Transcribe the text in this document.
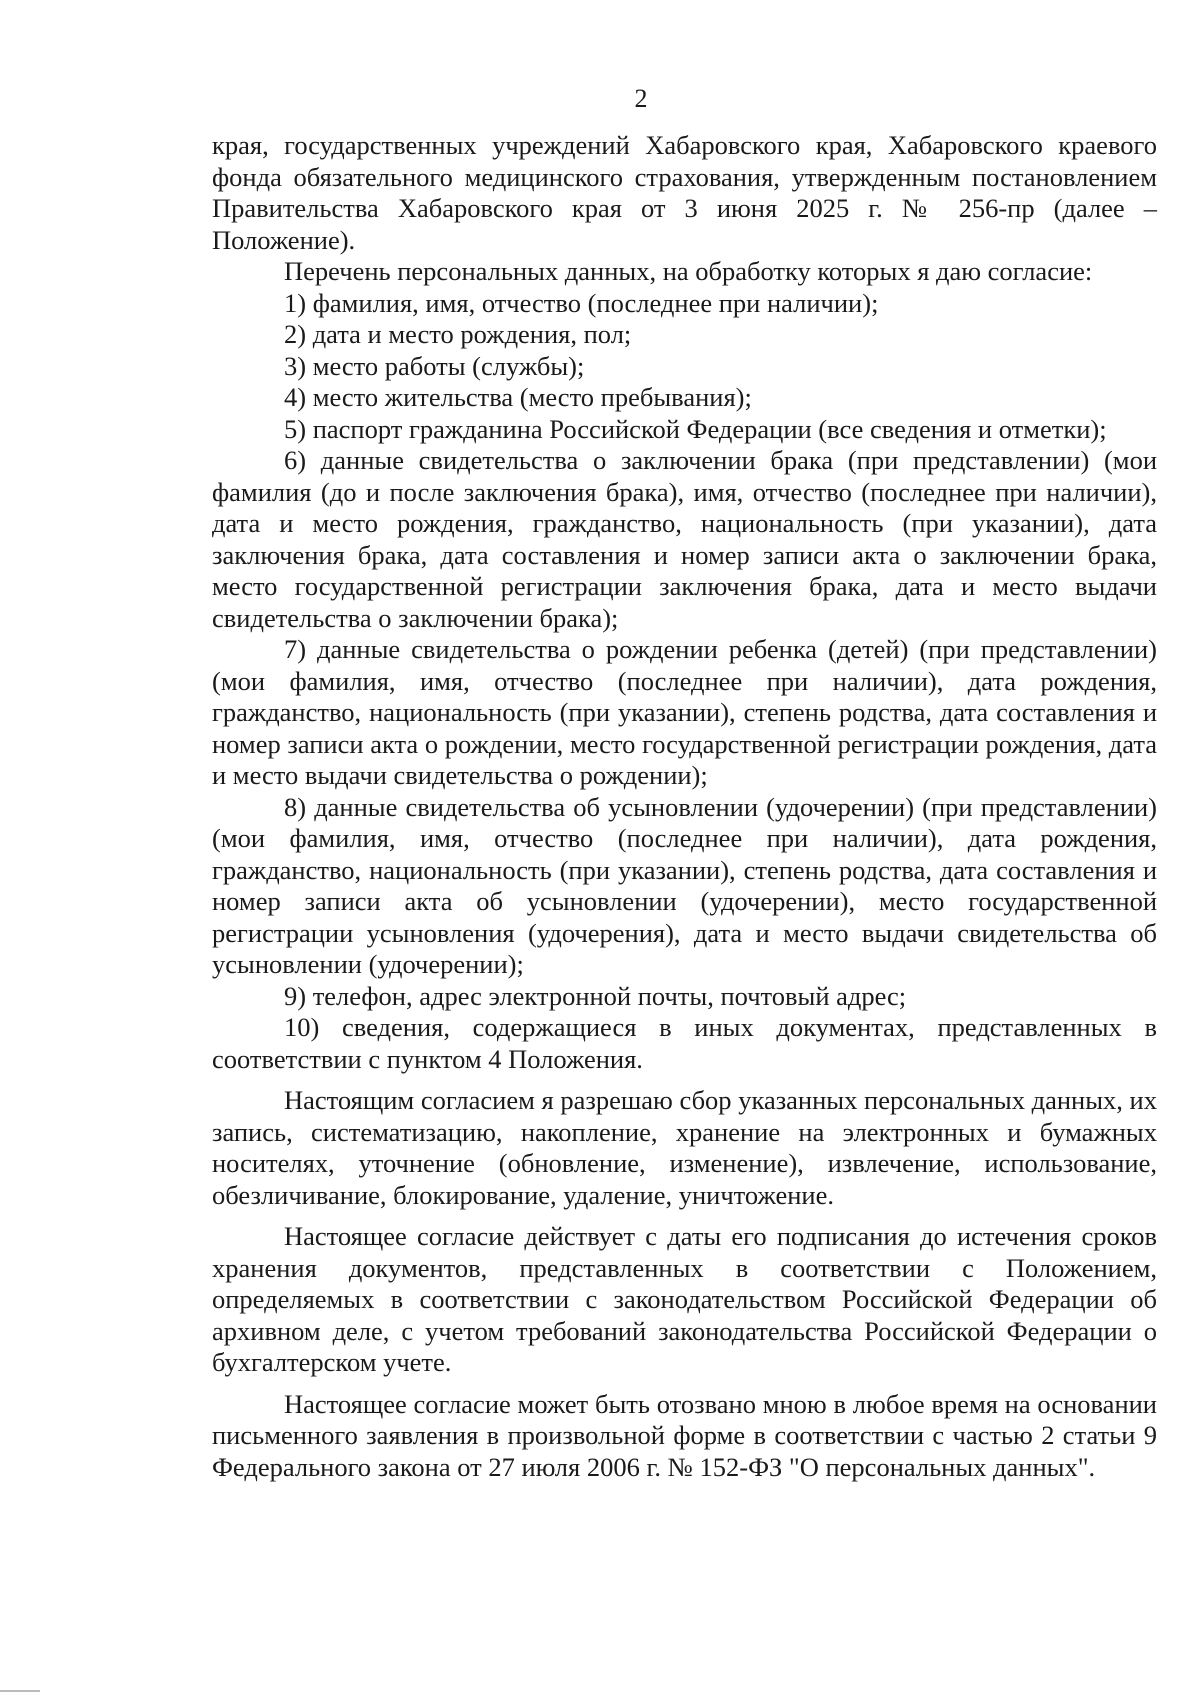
2

края, государственных учреждений Хабаровского края, Хабаровского краевого фонда обязательного медицинского страхования, утвержденным постановлением Правительства Хабаровского края от 3 июня 2025 г. № 256-пр (далее – Положение).

Перечень персональных данных, на обработку которых я даю согласие:

1) фамилия, имя, отчество (последнее при наличии);

2) дата и место рождения, пол;

3) место работы (службы);

4) место жительства (место пребывания);

5) паспорт гражданина Российской Федерации (все сведения и отметки);

6) данные свидетельства о заключении брака (при представлении) (мои фамилия (до и после заключения брака), имя, отчество (последнее при наличии), дата и место рождения, гражданство, национальность (при указании), дата заключения брака, дата составления и номер записи акта о заключении брака, место государственной регистрации заключения брака, дата и место выдачи свидетельства о заключении брака);

7) данные свидетельства о рождении ребенка (детей) (при представлении) (мои фамилия, имя, отчество (последнее при наличии), дата рождения, гражданство, национальность (при указании), степень родства, дата составления и номер записи акта о рождении, место государственной регистрации рождения, дата и место выдачи свидетельства о рождении);

8) данные свидетельства об усыновлении (удочерении) (при представлении) (мои фамилия, имя, отчество (последнее при наличии), дата рождения, гражданство, национальность (при указании), степень родства, дата составления и номер записи акта об усыновлении (удочерении), место государственной регистрации усыновления (удочерения), дата и место выдачи свидетельства об усыновлении (удочерении);

9) телефон, адрес электронной почты, почтовый адрес;

10) сведения, содержащиеся в иных документах, представленных в соответствии с пунктом 4 Положения.

Настоящим согласием я разрешаю сбор указанных персональных данных, их запись, систематизацию, накопление, хранение на электронных и бумажных носителях, уточнение (обновление, изменение), извлечение, использование, обезличивание, блокирование, удаление, уничтожение.

Настоящее согласие действует с даты его подписания до истечения сроков хранения документов, представленных в соответствии с Положением, определяемых в соответствии с законодательством Российской Федерации об архивном деле, с учетом требований законодательства Российской Федерации о бухгалтерском учете.

Настоящее согласие может быть отозвано мною в любое время на основании письменного заявления в произвольной форме в соответствии с частью 2 статьи 9 Федерального закона от 27 июля 2006 г. № 152-ФЗ "О персональных данных".
